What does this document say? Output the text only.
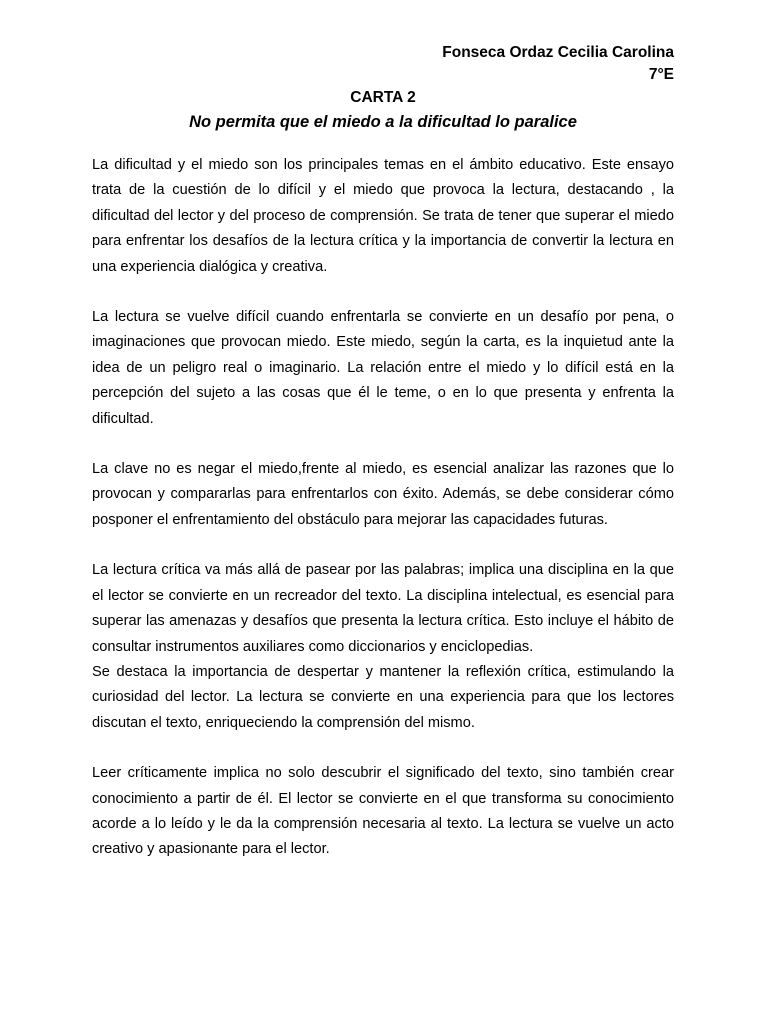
Fonseca Ordaz Cecilia Carolina
7°E
CARTA 2
No permita que el miedo a la dificultad lo paralice

La dificultad y el miedo son los principales temas en el ámbito educativo. Este ensayo trata de la cuestión de lo difícil y el miedo que provoca la lectura, destacando , la dificultad del lector y del proceso de comprensión. Se trata de tener que superar el miedo para enfrentar los desafíos de la lectura crítica y la importancia de convertir la lectura en una experiencia dialógica y creativa.

La lectura se vuelve difícil cuando enfrentarla se convierte en un desafío por pena, o imaginaciones que provocan miedo. Este miedo, según la carta, es la inquietud ante la idea de un peligro real o imaginario. La relación entre el miedo y lo difícil está en la percepción del sujeto a las cosas que él le teme, o en lo que presenta y enfrenta la dificultad.

La clave no es negar el miedo,frente al miedo, es esencial analizar las razones que lo provocan y compararlas para enfrentarlos con éxito. Además, se debe considerar cómo posponer el enfrentamiento del obstáculo para mejorar las capacidades futuras.

La lectura crítica va más allá de pasear por las palabras; implica una disciplina en la que el lector se convierte en un recreador del texto. La disciplina intelectual, es esencial para superar las amenazas y desafíos que presenta la lectura crítica. Esto incluye el hábito de consultar instrumentos auxiliares como diccionarios y enciclopedias.

Se destaca la importancia de despertar y mantener la reflexión crítica, estimulando la curiosidad del lector. La lectura se convierte en una experiencia para que los lectores discutan el texto, enriqueciendo la comprensión del mismo.

Leer críticamente implica no solo descubrir el significado del texto, sino también crear conocimiento a partir de él. El lector se convierte en el que transforma su conocimiento acorde a lo leído y le da la comprensión necesaria al texto. La lectura se vuelve un acto creativo y apasionante para el lector.
